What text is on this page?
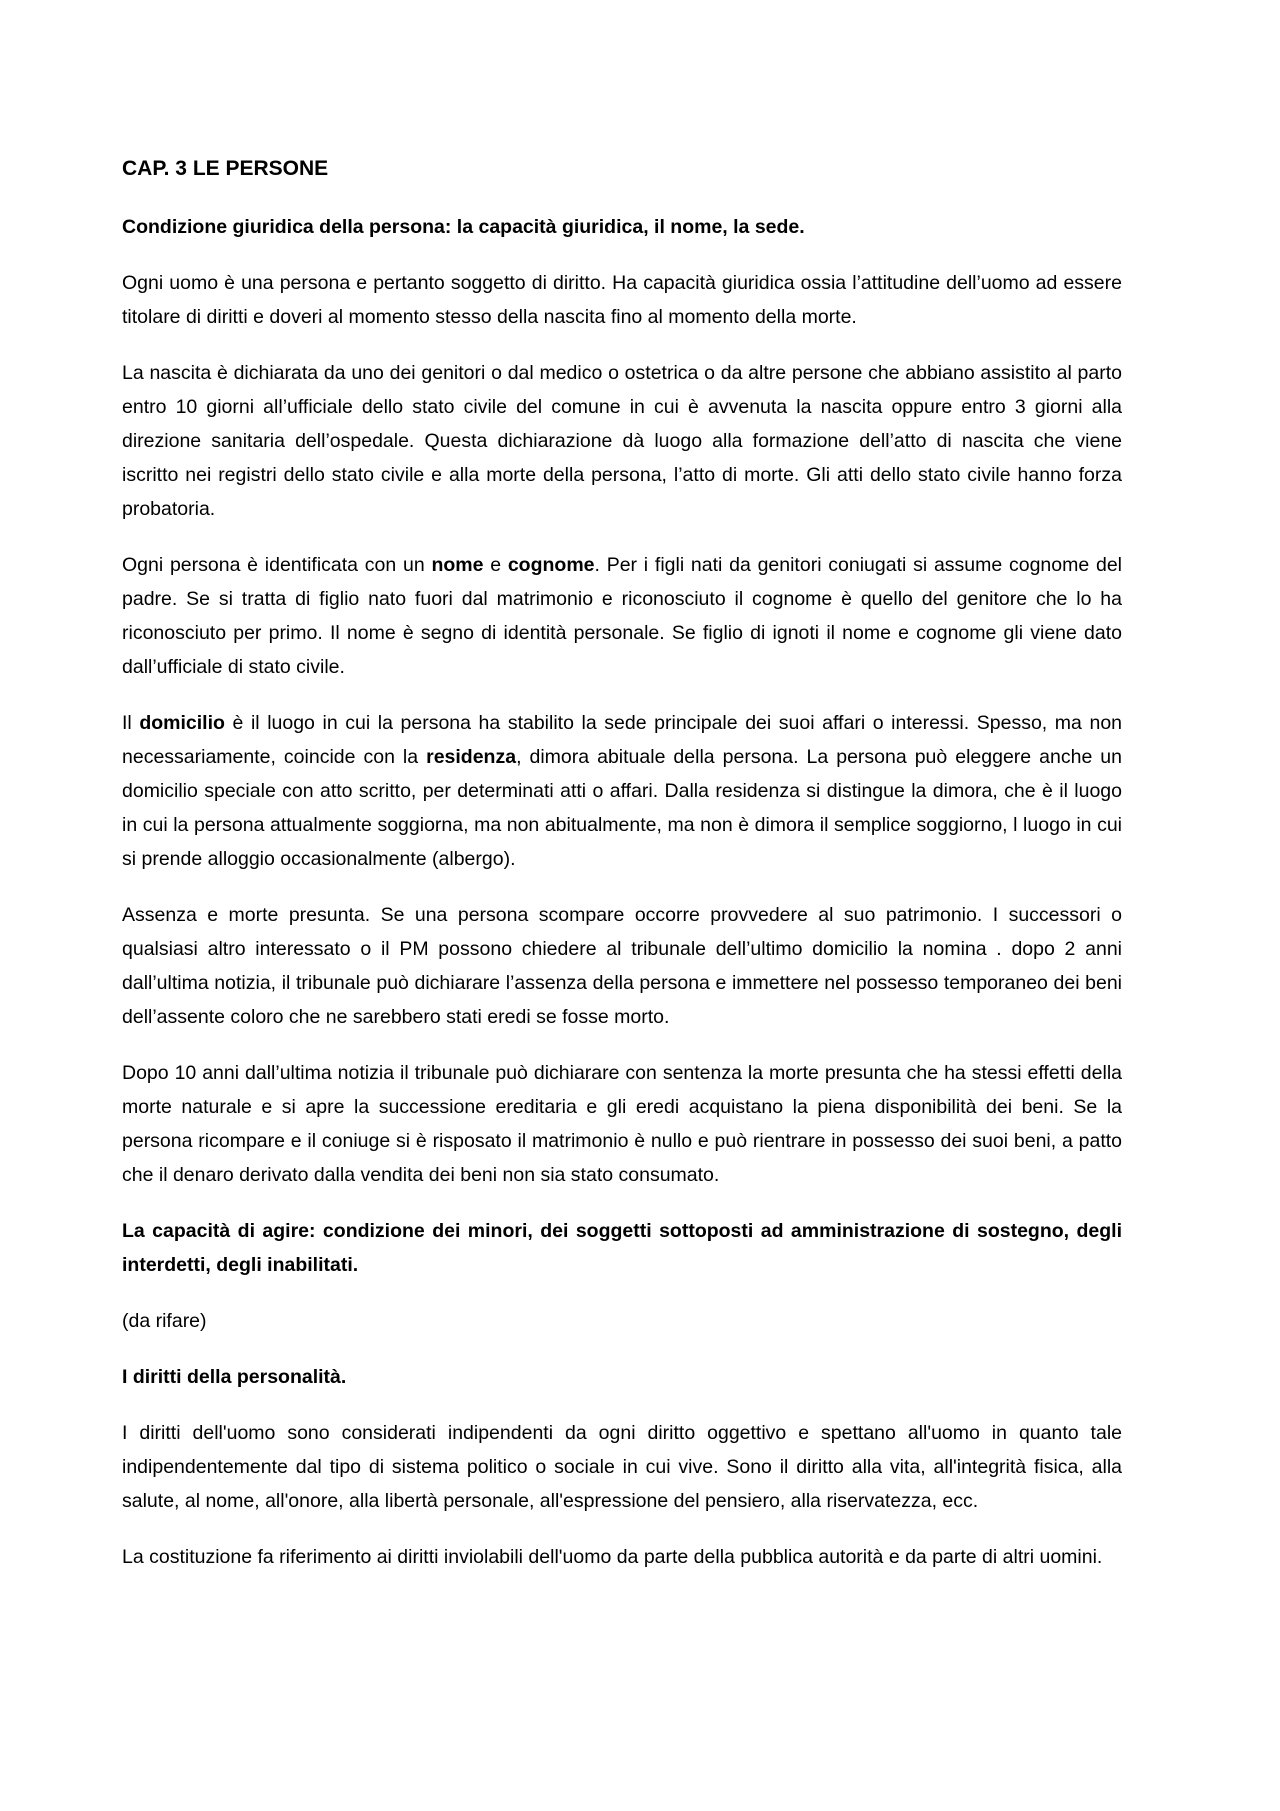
CAP. 3 LE PERSONE
Condizione giuridica della persona: la capacità giuridica, il nome, la sede.

Ogni uomo è una persona e pertanto soggetto di diritto. Ha capacità giuridica ossia l’attitudine dell’uomo ad essere titolare di diritti e doveri al momento stesso della nascita fino al momento della morte.

La nascita è dichiarata da uno dei genitori o dal medico o ostetrica o da altre persone che abbiano assistito al parto entro 10 giorni all’ufficiale dello stato civile del comune in cui è avvenuta la nascita oppure entro 3 giorni alla direzione sanitaria dell’ospedale. Questa dichiarazione dà luogo alla formazione dell’atto di nascita che viene iscritto nei registri dello stato civile e alla morte della persona, l’atto di morte. Gli atti dello stato civile hanno forza probatoria.

Ogni persona è identificata con un nome e cognome. Per i figli nati da genitori coniugati si assume cognome del padre. Se si tratta di figlio nato fuori dal matrimonio e riconosciuto il cognome è quello del genitore che lo ha riconosciuto per primo. Il nome è segno di identità personale. Se figlio di ignoti il nome e cognome gli viene dato dall’ufficiale di stato civile.

Il domicilio è il luogo in cui la persona ha stabilito la sede principale dei suoi affari o interessi. Spesso, ma non necessariamente, coincide con la residenza, dimora abituale della persona. La persona può eleggere anche un domicilio speciale con atto scritto, per determinati atti o affari. Dalla residenza si distingue la dimora, che è il luogo in cui la persona attualmente soggiorna, ma non abitualmente, ma non è dimora il semplice soggiorno, l luogo in cui si prende alloggio occasionalmente (albergo).

Assenza e morte presunta. Se una persona scompare occorre provvedere al suo patrimonio. I successori o qualsiasi altro interessato o il PM possono chiedere al tribunale dell’ultimo domicilio la nomina . dopo 2 anni dall’ultima notizia, il tribunale può dichiarare l’assenza della persona e immettere nel possesso temporaneo dei beni dell’assente coloro che ne sarebbero stati eredi se fosse morto.

Dopo 10 anni dall’ultima notizia il tribunale può dichiarare con sentenza la morte presunta che ha stessi effetti della morte naturale e si apre la successione ereditaria e gli eredi acquistano la piena disponibilità dei beni. Se la persona ricompare e il coniuge si è risposato il matrimonio è nullo e può rientrare in possesso dei suoi beni, a patto che il denaro derivato dalla vendita dei beni non sia stato consumato.

La capacità di agire: condizione dei minori, dei soggetti sottoposti ad amministrazione di sostegno, degli interdetti, degli inabilitati.

(da rifare)

I diritti della personalità.

I diritti dell'uomo sono considerati indipendenti da ogni diritto oggettivo e spettano all'uomo in quanto tale indipendentemente dal tipo di sistema politico o sociale in cui vive. Sono il diritto alla vita, all'integrità fisica, alla salute, al nome, all'onore, alla libertà personale, all'espressione del pensiero, alla riservatezza, ecc.

La costituzione fa riferimento ai diritti inviolabili dell'uomo da parte della pubblica autorità e da parte di altri uomini.
